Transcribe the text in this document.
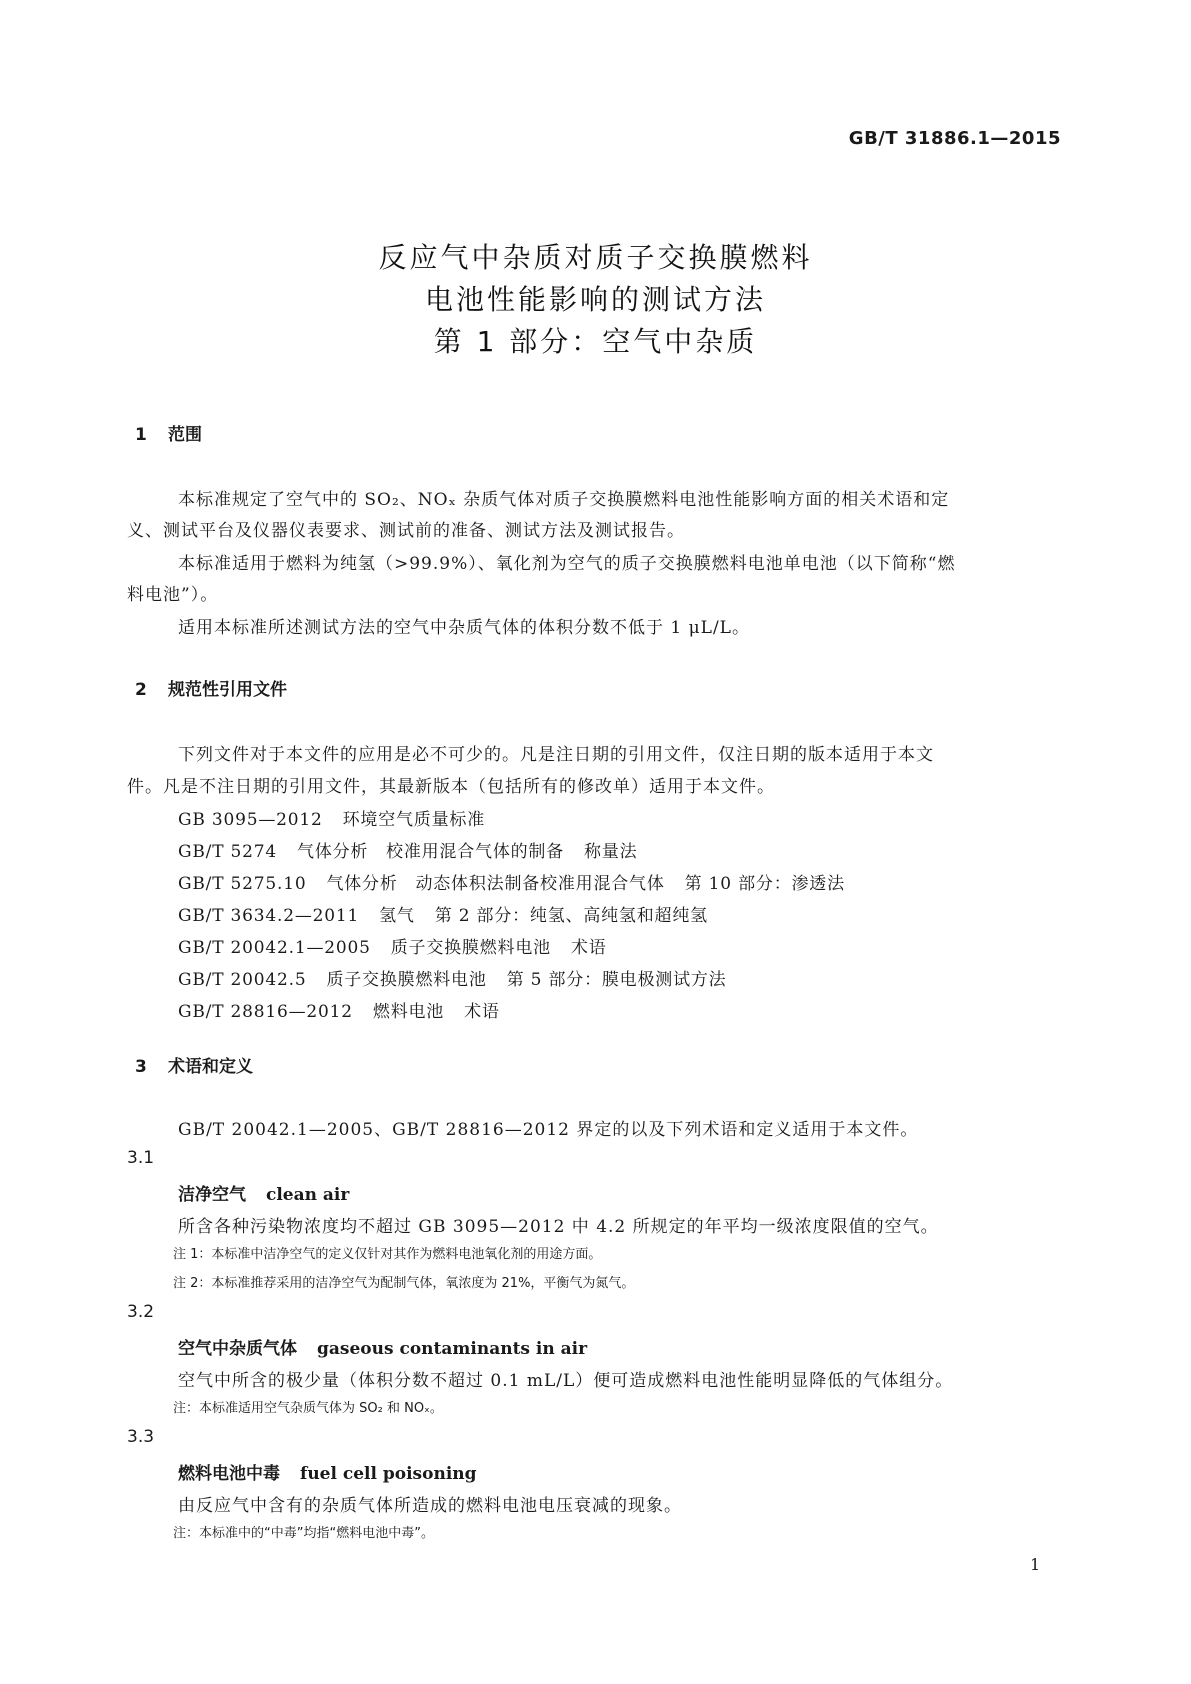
GB/T 31886.1—2015
反应气中杂质对质子交换膜燃料
电池性能影响的测试方法
第 1 部分：空气中杂质
1 范围
本标准规定了空气中的 SO₂、NOₓ 杂质气体对质子交换膜燃料电池性能影响方面的相关术语和定
义、测试平台及仪器仪表要求、测试前的准备、测试方法及测试报告。
本标准适用于燃料为纯氢（>99.9%）、氧化剂为空气的质子交换膜燃料电池单电池（以下简称“燃
料电池”）。
适用本标准所述测试方法的空气中杂质气体的体积分数不低于 1 μL/L。
2 规范性引用文件
下列文件对于本文件的应用是必不可少的。凡是注日期的引用文件，仅注日期的版本适用于本文
件。凡是不注日期的引用文件，其最新版本（包括所有的修改单）适用于本文件。
GB 3095—2012 环境空气质量标准
GB/T 5274 气体分析　校准用混合气体的制备 称量法
GB/T 5275.10 气体分析　动态体积法制备校准用混合气体 第 10 部分：渗透法
GB/T 3634.2—2011 氢气 第 2 部分：纯氢、高纯氢和超纯氢
GB/T 20042.1—2005 质子交换膜燃料电池 术语
GB/T 20042.5 质子交换膜燃料电池 第 5 部分：膜电极测试方法
GB/T 28816—2012 燃料电池 术语
3 术语和定义
GB/T 20042.1—2005、GB/T 28816—2012 界定的以及下列术语和定义适用于本文件。
3.1
洁净空气 clean air
所含各种污染物浓度均不超过 GB 3095—2012 中 4.2 所规定的年平均一级浓度限值的空气。
注 1：本标准中洁净空气的定义仅针对其作为燃料电池氧化剂的用途方面。
注 2：本标准推荐采用的洁净空气为配制气体，氧浓度为 21%，平衡气为氮气。
3.2
空气中杂质气体 gaseous contaminants in air
空气中所含的极少量（体积分数不超过 0.1 mL/L）便可造成燃料电池性能明显降低的气体组分。
注：本标准适用空气杂质气体为 SO₂ 和 NOₓ。
3.3
燃料电池中毒 fuel cell poisoning
由反应气中含有的杂质气体所造成的燃料电池电压衰减的现象。
注：本标准中的“中毒”均指“燃料电池中毒”。
1
